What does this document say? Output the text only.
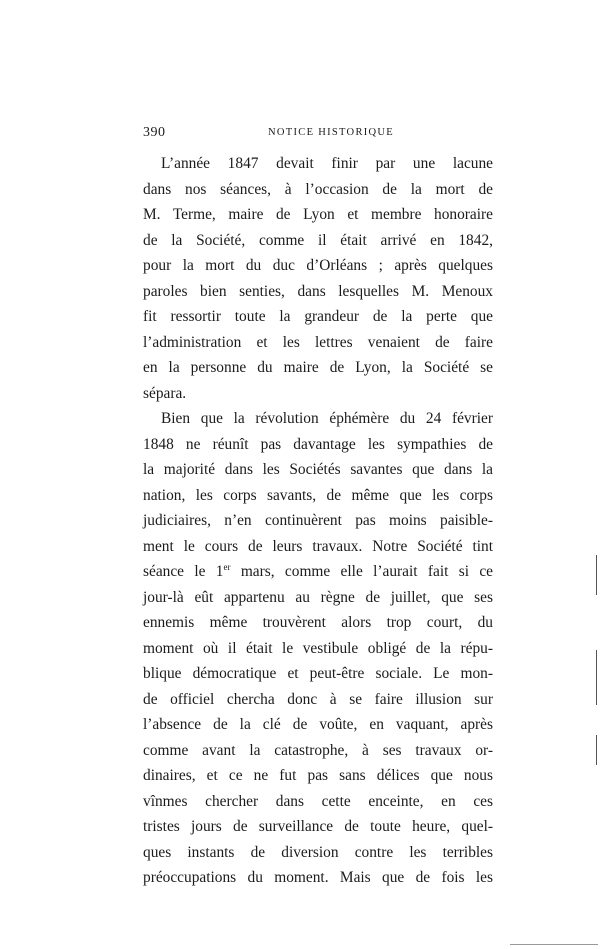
390	NOTICE HISTORIQUE
L’année 1847 devait finir par une lacune
dans nos séances, à l’occasion de la mort de
M. Terme, maire de Lyon et membre honoraire
de la Société, comme il était arrivé en 1842,
pour la mort du duc d’Orléans ; après quelques
paroles bien senties, dans lesquelles M. Menoux
fit ressortir toute la grandeur de la perte que
l’administration et les lettres venaient de faire
en la personne du maire de Lyon, la Société se
sépara.
Bien que la révolution éphémère du 24 février
1848 ne réunît pas davantage les sympathies de
la majorité dans les Sociétés savantes que dans la
nation, les corps savants, de même que les corps
judiciaires, n’en continuèrent pas moins paisible-
ment le cours de leurs travaux. Notre Société tint
séance le 1er mars, comme elle l’aurait fait si ce
jour-là eût appartenu au règne de juillet, que ses
ennemis même trouvèrent alors trop court, du
moment où il était le vestibule obligé de la répu-
blique démocratique et peut-être sociale. Le mon-
de officiel chercha donc à se faire illusion sur
l’absence de la clé de voûte, en vaquant, après
comme avant la catastrophe, à ses travaux or-
dinaires, et ce ne fut pas sans délices que nous
vînmes chercher dans cette enceinte, en ces
tristes jours de surveillance de toute heure, quel-
ques instants de diversion contre les terribles
préoccupations du moment. Mais que de fois les
